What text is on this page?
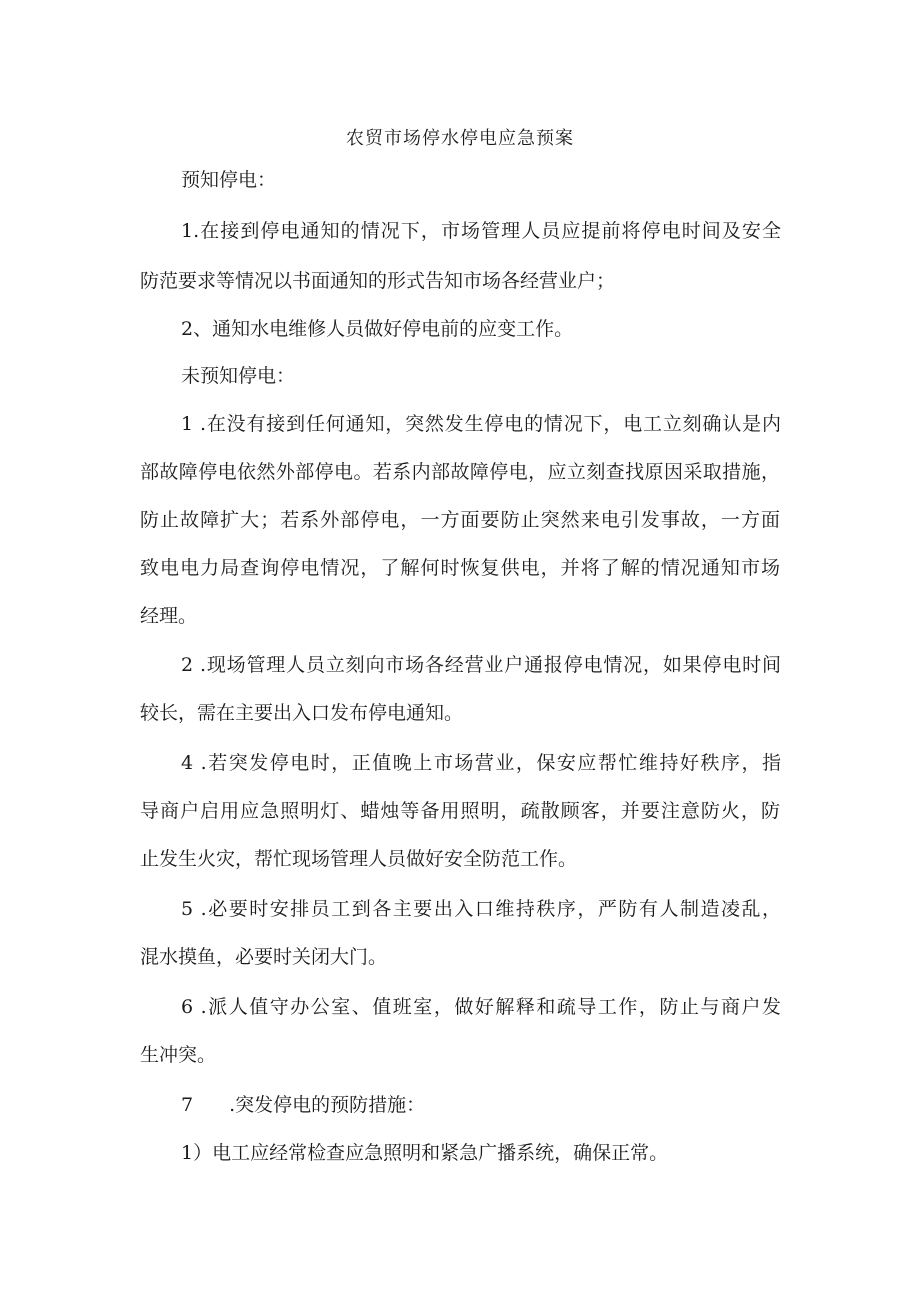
农贸市场停水停电应急预案
预知停电：
1.在接到停电通知的情况下，市场管理人员应提前将停电时间及安全
防范要求等情况以书面通知的形式告知市场各经营业户；
2、通知水电维修人员做好停电前的应变工作。
未预知停电：
1 .在没有接到任何通知，突然发生停电的情况下，电工立刻确认是内
部故障停电依然外部停电。若系内部故障停电，应立刻查找原因采取措施，
防止故障扩大；若系外部停电，一方面要防止突然来电引发事故，一方面
致电电力局查询停电情况，了解何时恢复供电，并将了解的情况通知市场
经理。
2 .现场管理人员立刻向市场各经营业户通报停电情况，如果停电时间
较长，需在主要出入口发布停电通知。
4 .若突发停电时，正值晚上市场营业，保安应帮忙维持好秩序，指
导商户启用应急照明灯、蜡烛等备用照明，疏散顾客，并要注意防火，防
止发生火灾，帮忙现场管理人员做好安全防范工作。
5 .必要时安排员工到各主要出入口维持秩序，严防有人制造凌乱，
混水摸鱼，必要时关闭大门。
6 .派人值守办公室、值班室，做好解释和疏导工作，防止与商户发
生冲突。
7 .突发停电的预防措施：
1）电工应经常检查应急照明和紧急广播系统，确保正常。
